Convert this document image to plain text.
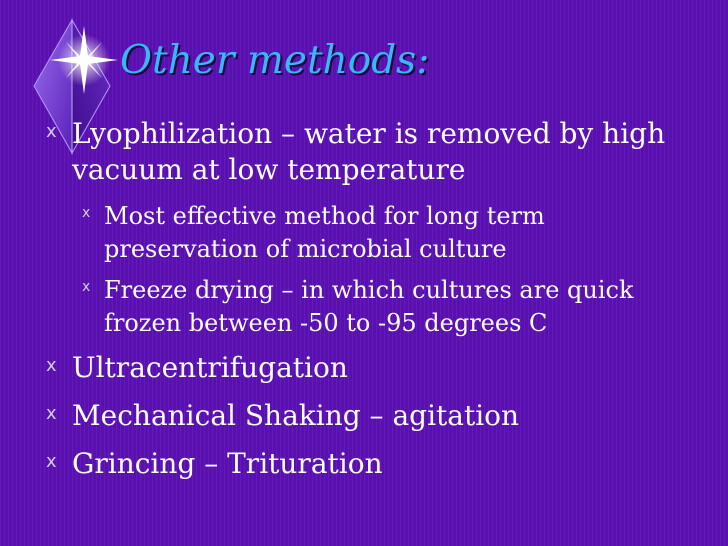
Other methods:
x Lyophilization – water is removed by high
vacuum at low temperature
x Most effective method for long term
preservation of microbial culture
x Freeze drying – in which cultures are quick
frozen between -50 to -95 degrees C
x Ultracentrifugation
x Mechanical Shaking – agitation
x Grincing – Trituration
